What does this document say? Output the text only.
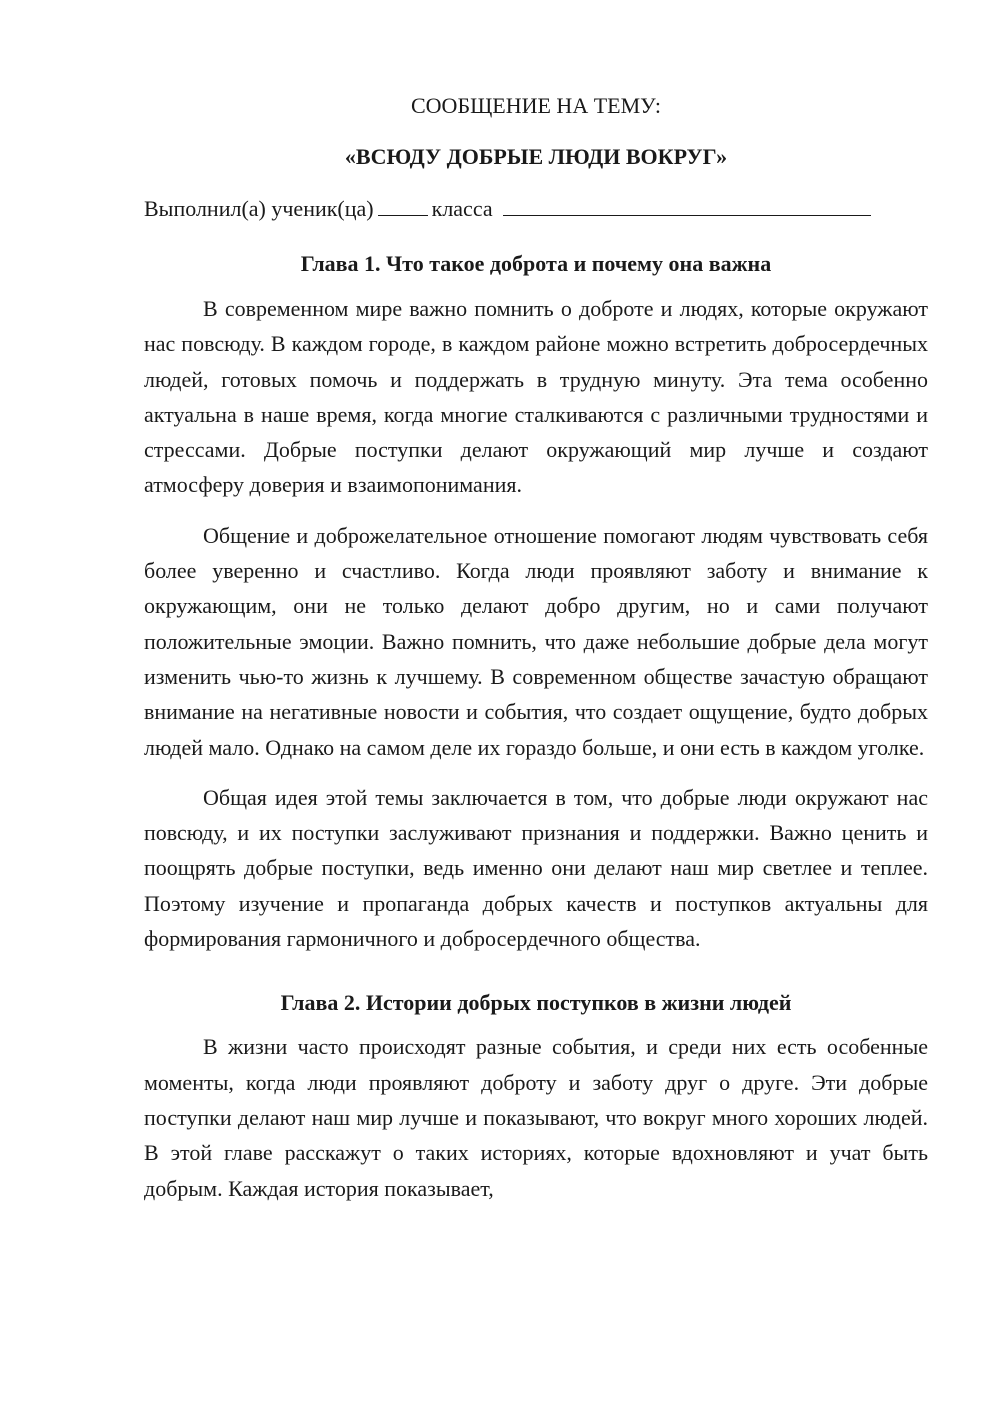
СООБЩЕНИЕ НА ТЕМУ:
«ВСЮДУ ДОБРЫЕ ЛЮДИ ВОКРУГ»
Выполнил(а) ученик(ца)	класса
Глава 1. Что такое доброта и почему она важна

В современном мире важно помнить о доброте и людях, которые окружают нас повсюду. В каждом городе, в каждом районе можно встретить добросердечных людей, готовых помочь и поддержать в трудную минуту. Эта тема особенно актуальна в наше время, когда многие сталкиваются с различными трудностями и стрессами. Добрые поступки делают окружающий мир лучше и создают атмосферу доверия и взаимопонимания.

Общение и доброжелательное отношение помогают людям чувствовать себя более уверенно и счастливо. Когда люди проявляют заботу и внимание к окружающим, они не только делают добро другим, но и сами получают положительные эмоции. Важно помнить, что даже небольшие добрые дела могут изменить чью-то жизнь к лучшему. В современном обществе зачастую обращают внимание на негативные новости и события, что создает ощущение, будто добрых людей мало. Однако на самом деле их гораздо больше, и они есть в каждом уголке.

Общая идея этой темы заключается в том, что добрые люди окружают нас повсюду, и их поступки заслуживают признания и поддержки. Важно ценить и поощрять добрые поступки, ведь именно они делают наш мир светлее и теплее. Поэтому изучение и пропаганда добрых качеств и поступков актуальны для формирования гармоничного и добросердечного общества.

Глава 2. Истории добрых поступков в жизни людей

В жизни часто происходят разные события, и среди них есть особенные моменты, когда люди проявляют доброту и заботу друг о друге. Эти добрые поступки делают наш мир лучше и показывают, что вокруг много хороших людей. В этой главе расскажут о таких историях, которые вдохновляют и учат быть добрым. Каждая история показывает,
